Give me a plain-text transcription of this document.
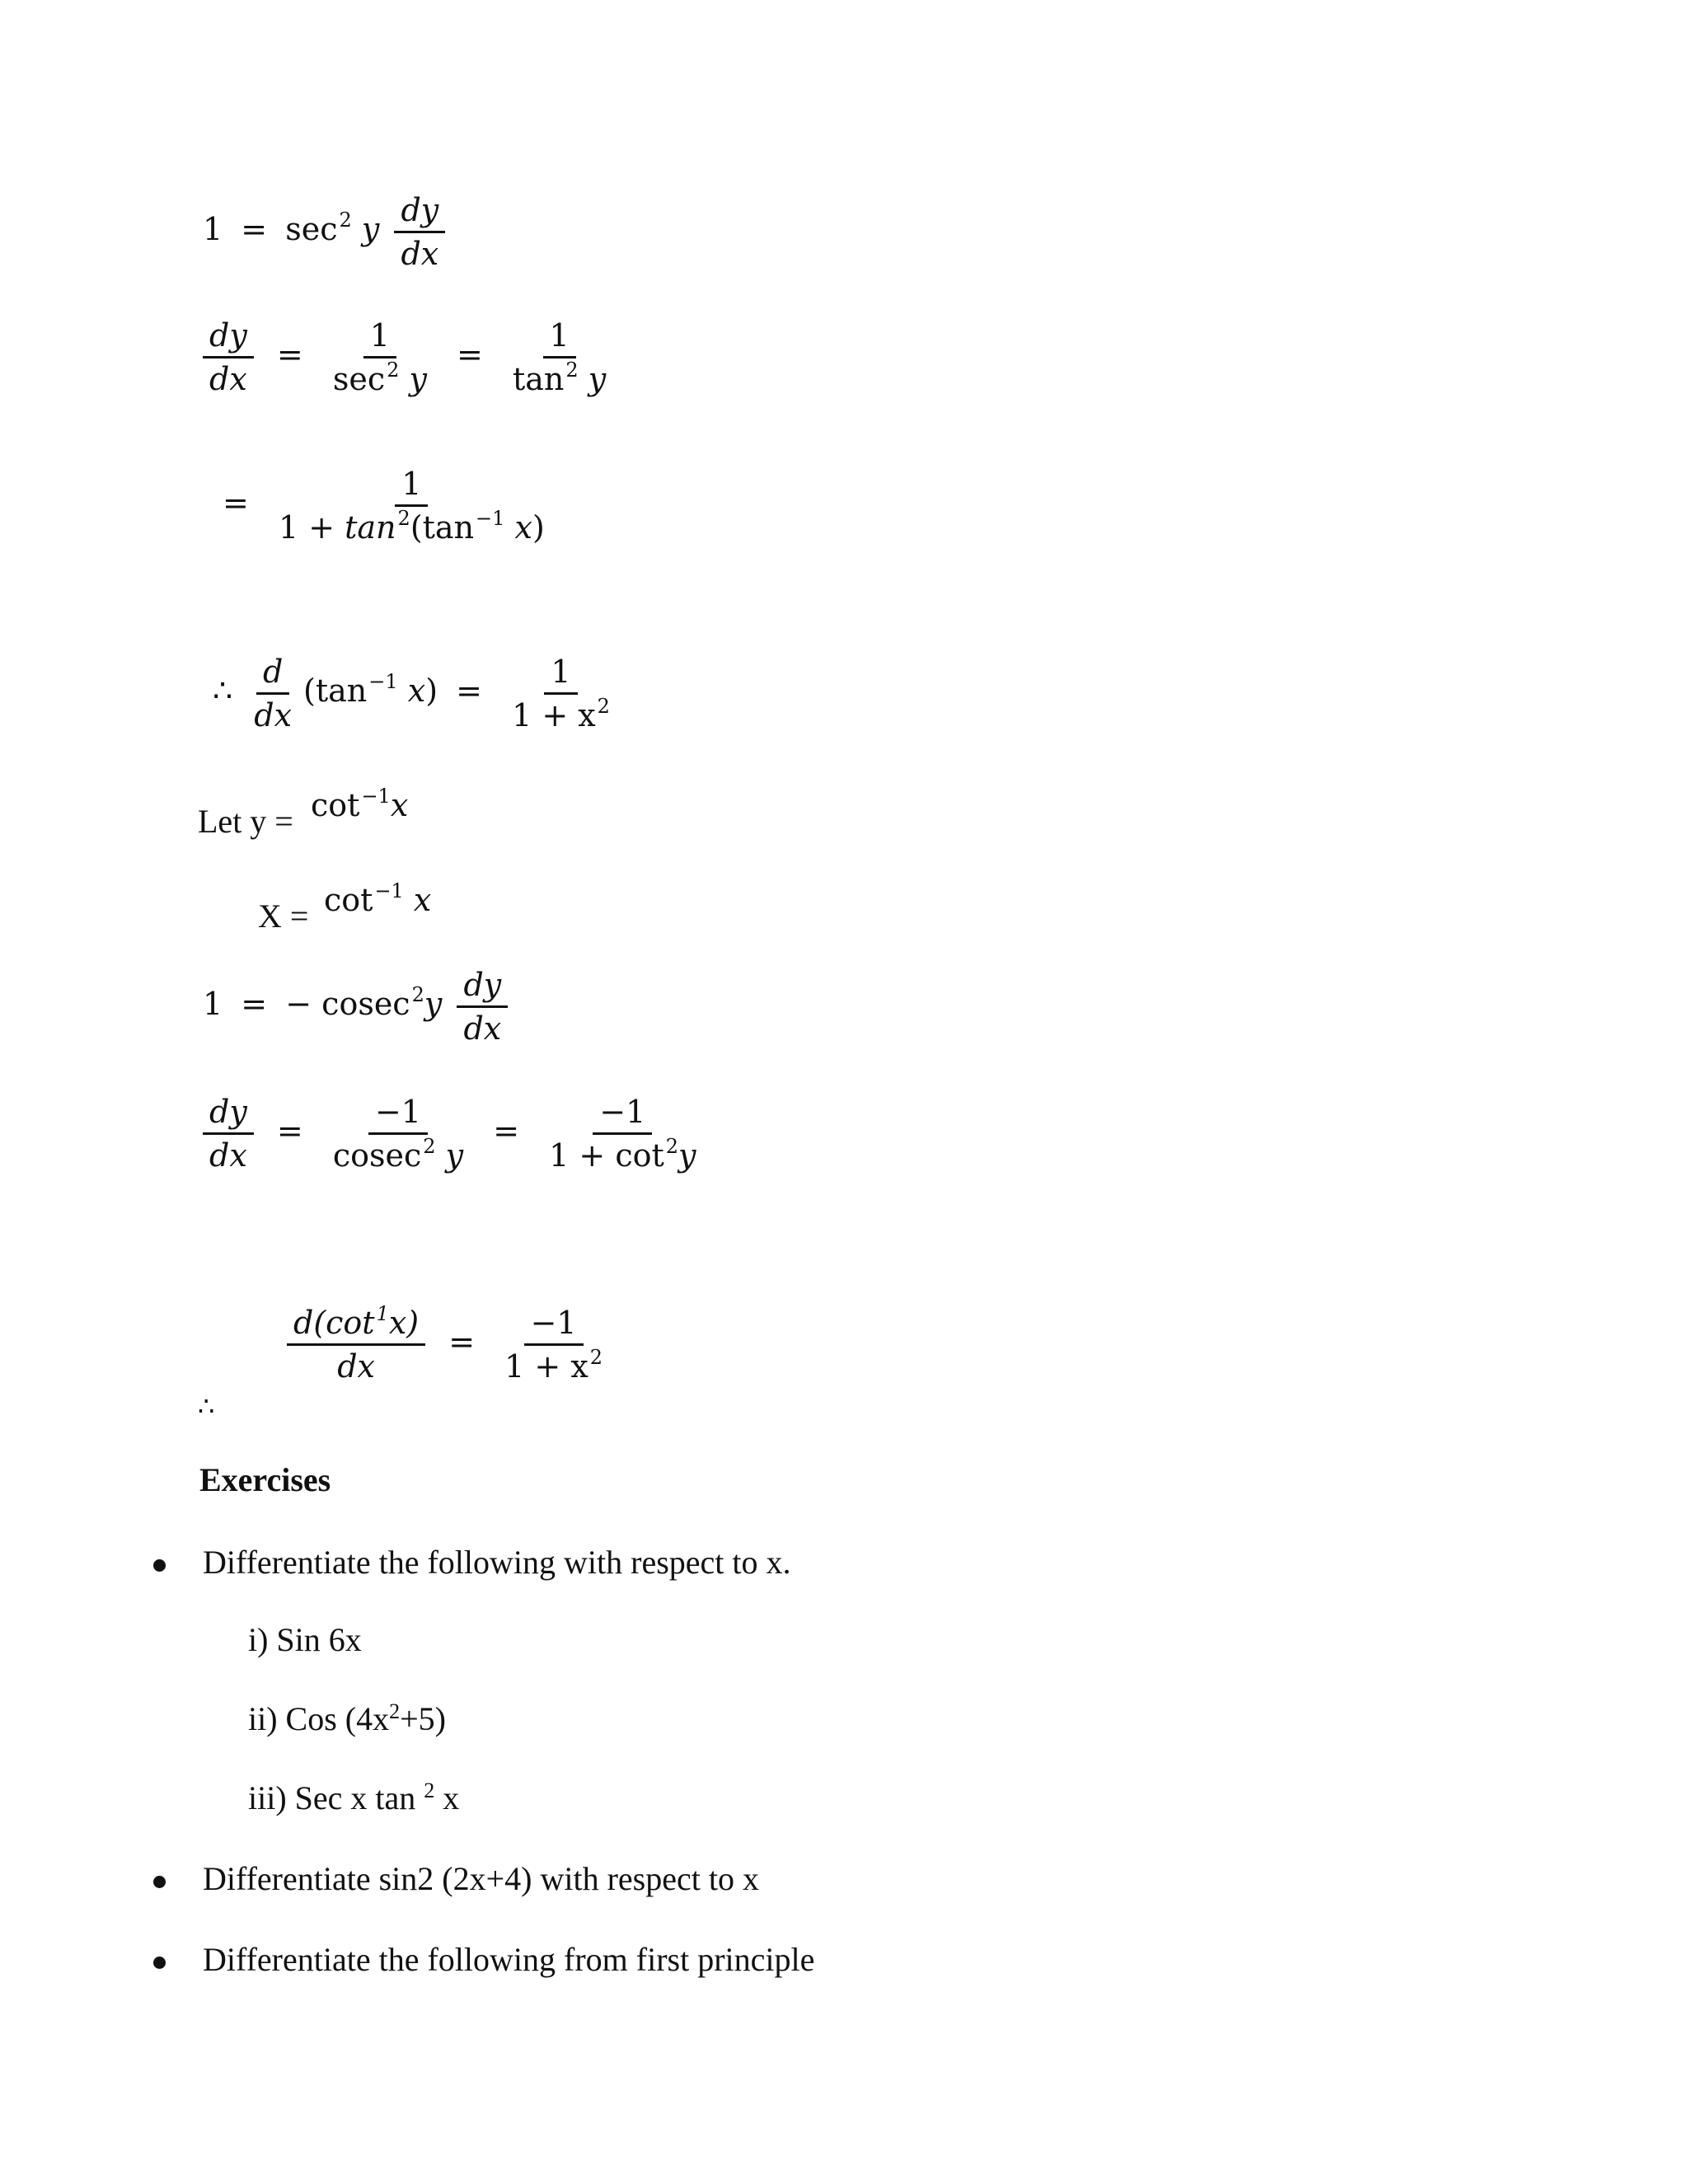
$1 = \sec^2 y \frac{dy}{dx}$
$\frac{dy}{dx} = \frac{1}{\sec^2 y} = \frac{1}{\tan^2 y}$
= $\frac{1}{1 + \tan^2(\tan^{-1} x)}$
∴ $\frac{d}{dx} (\tan^{-1}$ $x) = \frac{1}{1 + x^2}$
Let $y = \cot^{-1}x$
$X = \cot^{-1} x$
1 = − $cosec^2y \frac{dy}{dx}$
$\frac{dy}{dx} = \frac{-1}{cosec^2 y} = \frac{-1}{1 + \cot^2y}$
$\frac{d(\cot^1x)}{dx} = \frac{-1}{1 + x^2}$
∴
Exercises
Differentiate the following with respect to x.
i) Sin 6x
ii) Cos $(4x^2+5)$
iii) Sec x tan $^2$ x
Differentiate sin2 (2x+4) with respect to x
Differentiate the following from first principle
